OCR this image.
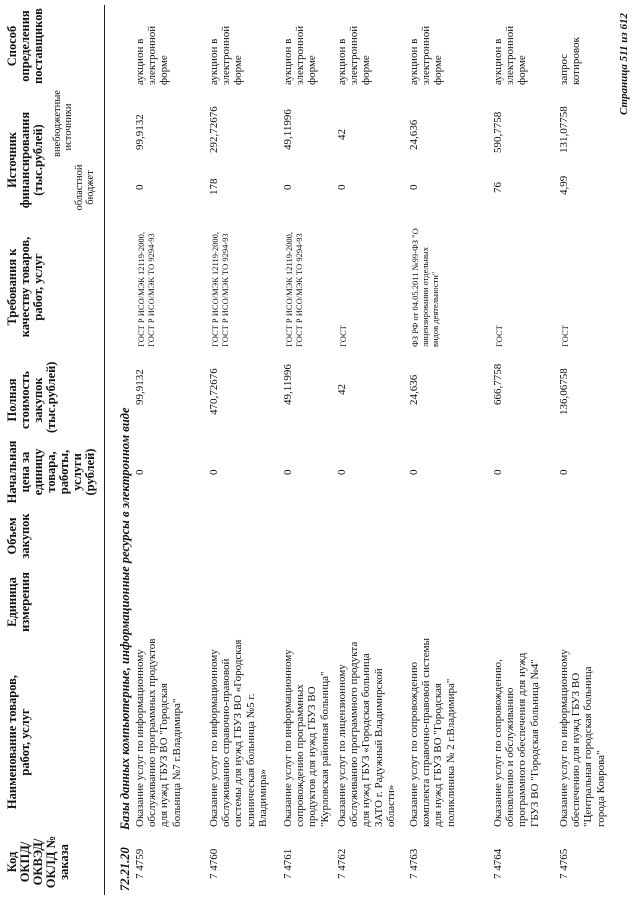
Код ОКПД/ ОКВЭД/ ОКЛД № заказа
Наименование товаров, работ, услуг
Единица измерения
Объем закупок
Начальная цена за единицу товара, работы, услуги (рублей)
Полная стоимость закупок (тыс.рублей)
Требования к качеству товаров, работ, услуг
Источник финансирования (тыс.рублей)	областной бюджет
внебюджетные источники
Способ определения поставщиков
72.21.20
Базы данных компьютерные, информационные ресурсы в электронном виде
7 4759
Оказание услуг по информационному обслуживанию программных продуктов для нужд ГБУЗ ВО "Городская больница №7 г.Владимира"
0
99,9132
ГОСТ Р ИСО/МЭК 12119-2000, ГОСТ Р ИСО/МЭК ТО 9294-93
0
99,9132
аукцион в электронной форме
7 4760
Оказание услуг по информационному обслуживанию справочно-правовой системы для нужд ГБУЗ ВО «Городская клиническая больница №5 г. Владимира»
0
470,72676
ГОСТ Р ИСО/МЭК 12119-2000, ГОСТ Р ИСО/МЭК ТО 9294-93
178
292,72676
аукцион в электронной форме
7 4761
Оказание услуг по информационному сопровождению программных продуктов для нужд ГБУЗ ВО "Курловская районная больница"
0
49,11996
ГОСТ Р ИСО/МЭК 12119-2000, ГОСТ Р ИСО/МЭК ТО 9294-93
0
49,11996
аукцион в электронной форме
7 4762
Оказание услуг по лицензионному обслуживанию программного продукта для нужд ГБУЗ «Городская больница ЗАТО г. Радужный Владимирской области»
0
42
ГОСТ
0
42
аукцион в электронной форме
7 4763
Оказание услуг по сопровождению комплекта справочно-правовой системы для нужд ГБУЗ ВО "Городская поликлиника № 2 г.Владимира"
0
24,636
ФЗ РФ от 04.05.2011 №99-ФЗ "О лицензировании отдельных видов деятельности"
0
24,636
аукцион в электронной форме
7 4764
Оказание услуг по сопровождению, обновлению и обслуживанию программного обеспечения для нужд ГБУЗ ВО "Городская больница №4"
0
666,7758
ГОСТ
76
590,7758
аукцион в электронной форме
7 4765
Оказание услуг по информационному обеспечению для нужд ГБУЗ ВО "Центральная городская больница города Коврова"
0
136,06758
ГОСТ
4,99
131,07758
запрос котировок	Страница 511 из 612
